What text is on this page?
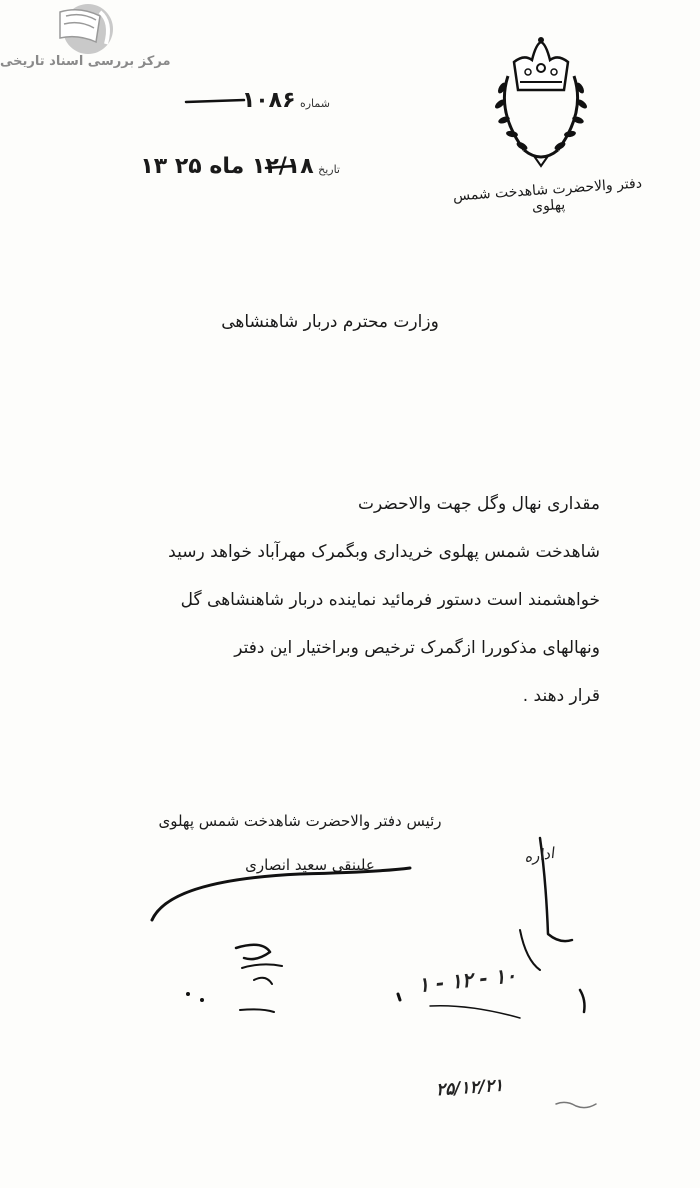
مرکز بررسی اسناد تاریخی
دفتر والاحضرت شاهدخت شمس پهلوی
شماره ۱۰۸۶
تاریخ ۱۲/۱۸ ماه ۲۵ ۱۳
وزارت محترم دربار شاهنشاهی
مقداری نهال وگل جهت والاحضرت
شاهدخت شمس پهلوی خریداری وبگمرک مهرآباد خواهد رسید
خواهشمند است دستور فرمائید نماینده دربار شاهنشاهی گل
ونهالهای مذکوررا ازگمرک ترخیص وبراختیار این دفتر
قرار دهند .
رئیس دفتر والاحضرت شاهدخت شمس پهلوی
علینقی سعید انصاری	اداره
۱۰ - ۱۲ - ۱
۲۵/۱۲/۲۱
